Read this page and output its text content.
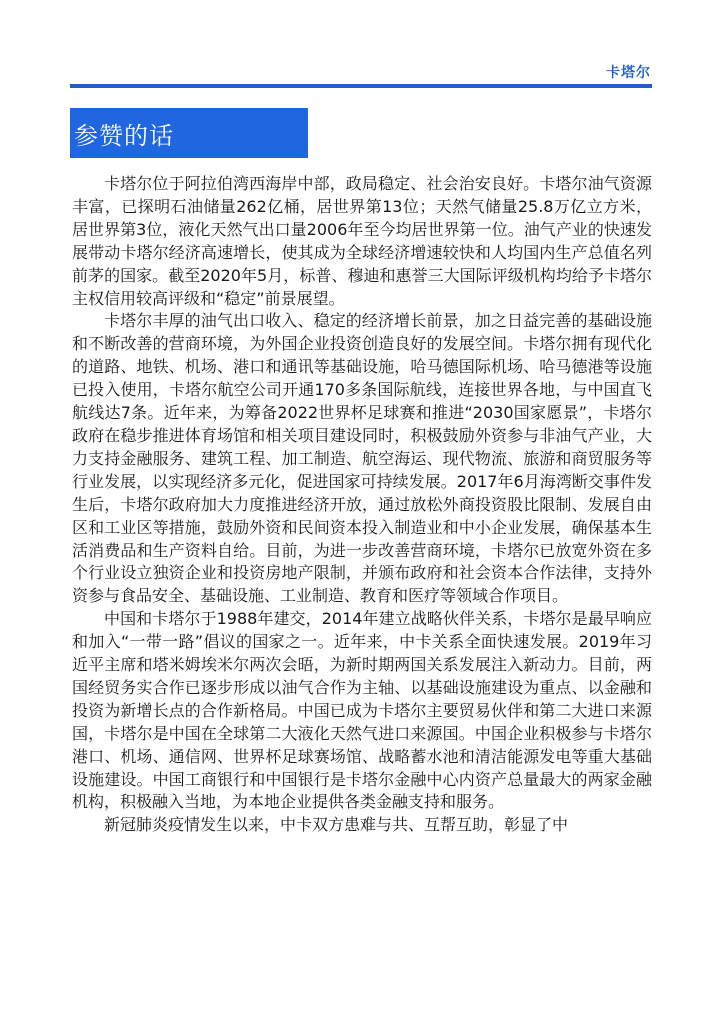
卡塔尔
参赞的话

卡塔尔位于阿拉伯湾西海岸中部，政局稳定、社会治安良好。卡塔尔油气资源丰富，已探明石油储量262亿桶，居世界第13位；天然气储量25.8万亿立方米，居世界第3位，液化天然气出口量2006年至今均居世界第一位。油气产业的快速发展带动卡塔尔经济高速增长，使其成为全球经济增速较快和人均国内生产总值名列前茅的国家。截至2020年5月，标普、穆迪和惠誉三大国际评级机构均给予卡塔尔主权信用较高评级和“稳定”前景展望。

卡塔尔丰厚的油气出口收入、稳定的经济增长前景，加之日益完善的基础设施和不断改善的营商环境，为外国企业投资创造良好的发展空间。卡塔尔拥有现代化的道路、地铁、机场、港口和通讯等基础设施，哈马德国际机场、哈马德港等设施已投入使用，卡塔尔航空公司开通170多条国际航线，连接世界各地，与中国直飞航线达7条。近年来，为筹备2022世界杯足球赛和推进“2030国家愿景”，卡塔尔政府在稳步推进体育场馆和相关项目建设同时，积极鼓励外资参与非油气产业，大力支持金融服务、建筑工程、加工制造、航空海运、现代物流、旅游和商贸服务等行业发展，以实现经济多元化，促进国家可持续发展。2017年6月海湾断交事件发生后，卡塔尔政府加大力度推进经济开放，通过放松外商投资股比限制、发展自由区和工业区等措施，鼓励外资和民间资本投入制造业和中小企业发展，确保基本生活消费品和生产资料自给。目前，为进一步改善营商环境，卡塔尔已放宽外资在多个行业设立独资企业和投资房地产限制，并颁布政府和社会资本合作法律，支持外资参与食品安全、基础设施、工业制造、教育和医疗等领域合作项目。

中国和卡塔尔于1988年建交，2014年建立战略伙伴关系，卡塔尔是最早响应和加入“一带一路”倡议的国家之一。近年来，中卡关系全面快速发展。2019年习近平主席和塔米姆埃米尔两次会晤，为新时期两国关系发展注入新动力。目前，两国经贸务实合作已逐步形成以油气合作为主轴、以基础设施建设为重点、以金融和投资为新增长点的合作新格局。中国已成为卡塔尔主要贸易伙伴和第二大进口来源国，卡塔尔是中国在全球第二大液化天然气进口来源国。中国企业积极参与卡塔尔港口、机场、通信网、世界杯足球赛场馆、战略蓄水池和清洁能源发电等重大基础设施建设。中国工商银行和中国银行是卡塔尔金融中心内资产总量最大的两家金融机构，积极融入当地，为本地企业提供各类金融支持和服务。

新冠肺炎疫情发生以来，中卡双方患难与共、互帮互助，彰显了中
